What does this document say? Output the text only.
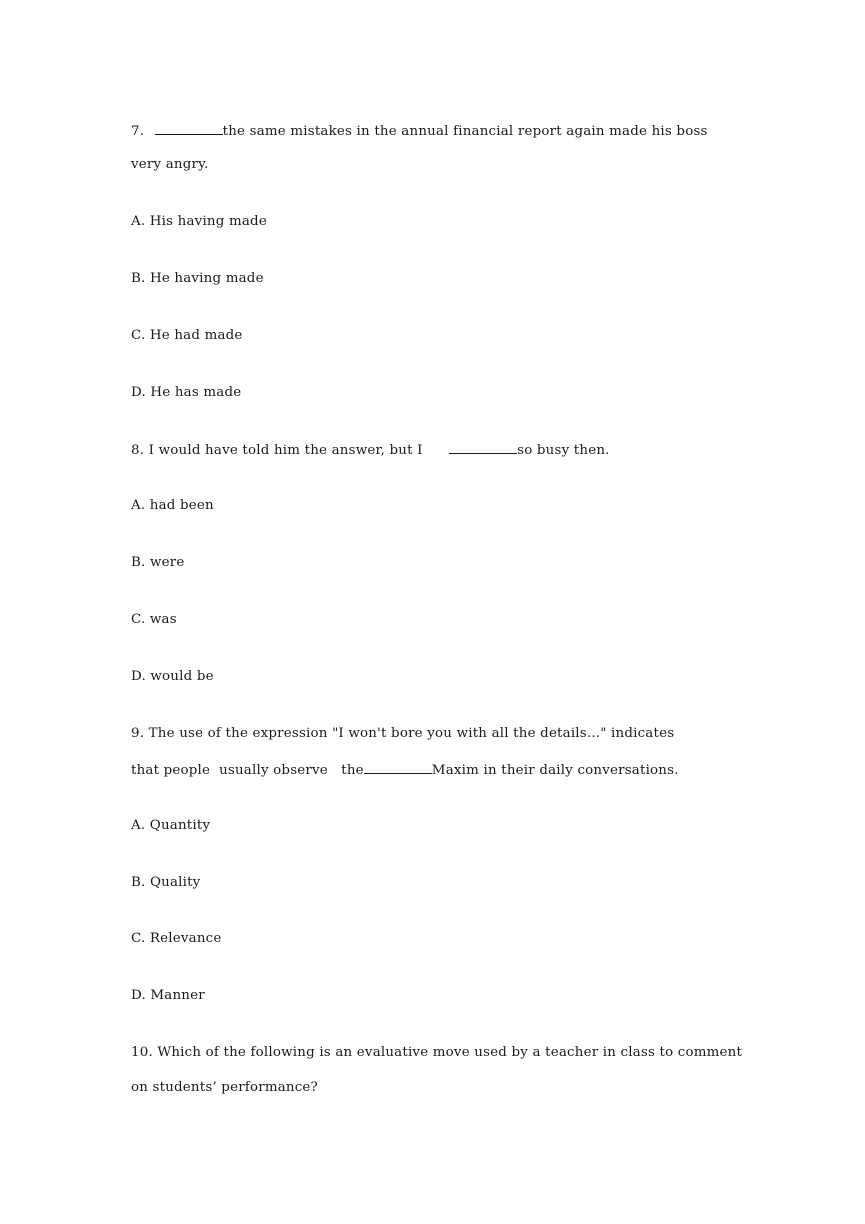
7.	the same mistakes in the annual financial report again made his boss
very angry.
A. His having made
B. He having made
C. He had made
D. He has made
8. I would have told him the answer, but I	so busy then.
A. had been
B. were
C. was
D. would be
9. The use of the expression "I won't bore you with all the details..." indicates
that people  usually observe   the	Maxim in their daily conversations.
A. Quantity
B. Quality
C. Relevance
D. Manner
10. Which of the following is an evaluative move used by a teacher in class to comment
on students’ performance?
